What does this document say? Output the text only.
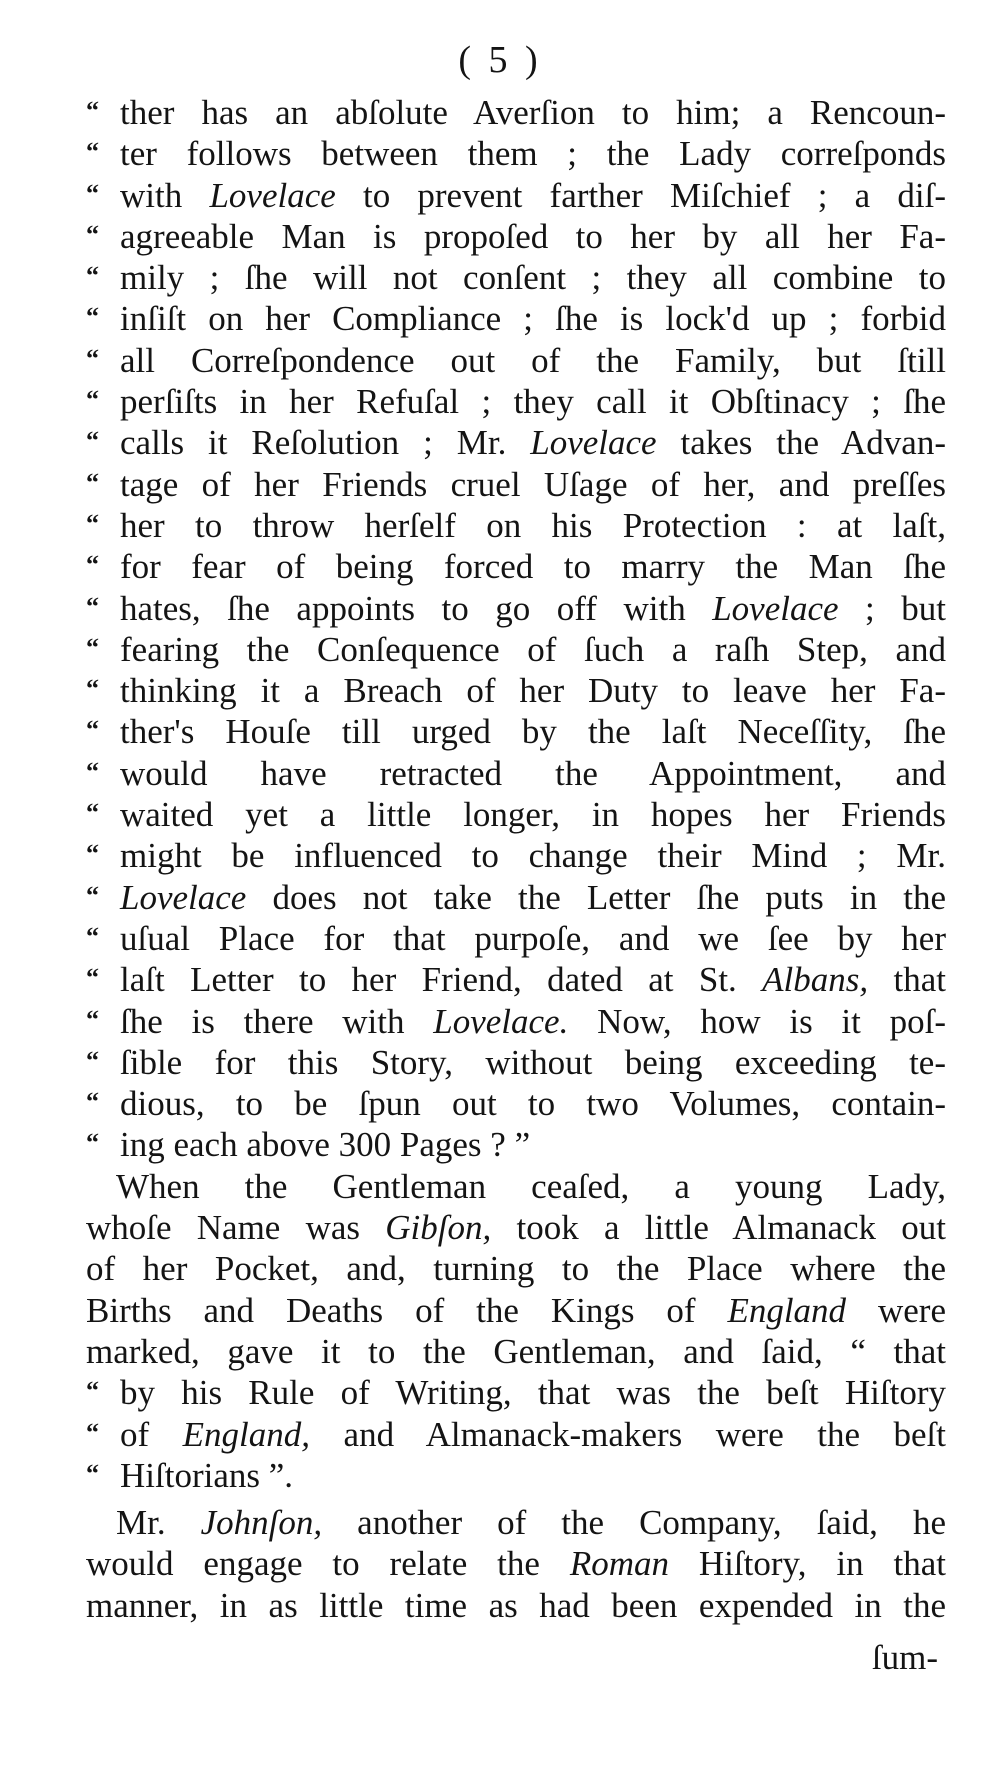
( 5 )
“ ther has an abſolute Averſion to him; a Rencoun-
“ ter follows between them ; the Lady correſponds
“ with Lovelace to prevent farther Miſchief ; a diſ-
“ agreeable Man is propoſed to her by all her Fa-
“ mily ; ſhe will not conſent ; they all combine to
“ inſiſt on her Compliance ; ſhe is lock'd up ; forbid
“ all Correſpondence out of the Family, but ſtill
“ perſiſts in her Refuſal ; they call it Obſtinacy ; ſhe
“ calls it Reſolution ; Mr. Lovelace takes the Advan-
“ tage of her Friends cruel Uſage of her, and preſſes
“ her to throw herſelf on his Protection : at laſt,
“ for fear of being forced to marry the Man ſhe
“ hates, ſhe appoints to go off with Lovelace ; but
“ fearing the Conſequence of ſuch a raſh Step, and
“ thinking it a Breach of her Duty to leave her Fa-
“ ther's Houſe till urged by the laſt Neceſſity, ſhe
“ would have retracted the Appointment, and
“ waited yet a little longer, in hopes her Friends
“ might be influenced to change their Mind ; Mr.
“ Lovelace does not take the Letter ſhe puts in the
“ uſual Place for that purpoſe, and we ſee by her
“ laſt Letter to her Friend, dated at St. Albans, that
“ ſhe is there with Lovelace. Now, how is it poſ-
“ ſible for this Story, without being exceeding te-
“ dious, to be ſpun out to two Volumes, contain-
“ ing each above 300 Pages ? ”
When the Gentleman ceaſed, a young Lady,
whoſe Name was Gibſon, took a little Almanack out
of her Pocket, and, turning to the Place where the
Births and Deaths of the Kings of England were
marked, gave it to the Gentleman, and ſaid, “ that
“ by his Rule of Writing, that was the beſt Hiſtory
“ of England, and Almanack-makers were the beſt
“ Hiſtorians ”.
Mr. Johnſon, another of the Company, ſaid, he
would engage to relate the Roman Hiſtory, in that
manner, in as little time as had been expended in the
ſum-
